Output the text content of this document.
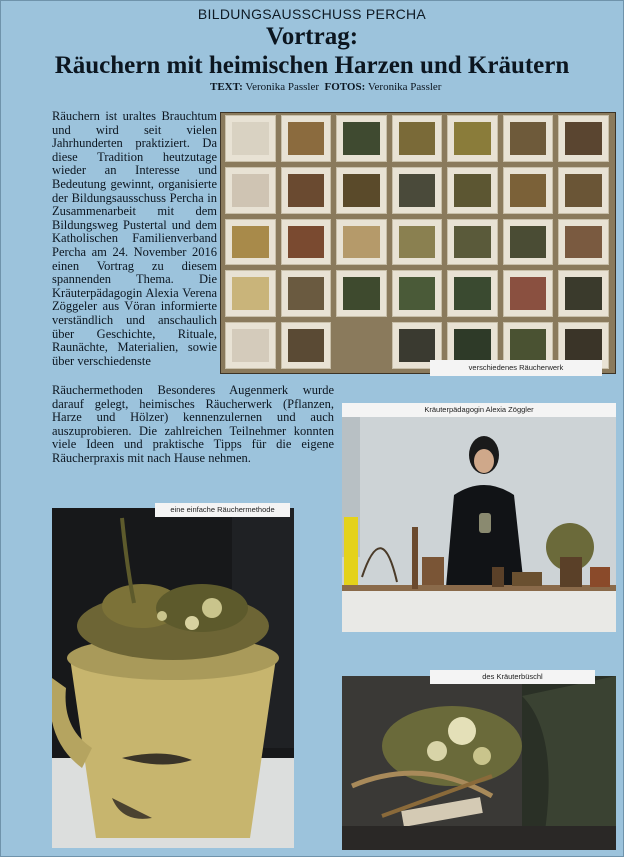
BILDUNGSAUSSCHUSS PERCHA
Vortrag:
Räuchern mit heimischen Harzen und Kräutern
TEXT: Veronika Passler FOTOS: Veronika Passler
Räuchern ist uraltes Brauchtum und wird seit vielen Jahrhunderten praktiziert. Da diese Tradition heutzutage wieder an Interesse und Bedeutung gewinnt, organisierte der Bildungsausschuss Percha in Zusammenarbeit mit dem Bildungsweg Pustertal und dem Katholischen Familienverband Percha am 24. November 2016 einen Vortrag zu diesem spannenden Thema. Die Kräuterpädagogin Alexia Verena Zöggeler aus Vöran informierte verständlich und anschaulich über Geschichte, Rituale, Raunächte, Materialien, sowie über verschiedenste
Räuchermethoden Besonderes Augenmerk wurde darauf gelegt, heimisches Räucherwerk (Pflanzen, Harze und Hölzer) kennenzulernen und auch auszuprobieren. Die zahlreichen Teilnehmer konnten viele Ideen und praktische Tipps für die eigene Räucherpraxis mit nach Hause nehmen.
verschiedenes Räucherwerk
Kräuterpädagogin Alexia Zöggler
eine einfache Räuchermethode
des Kräuterbüschl
